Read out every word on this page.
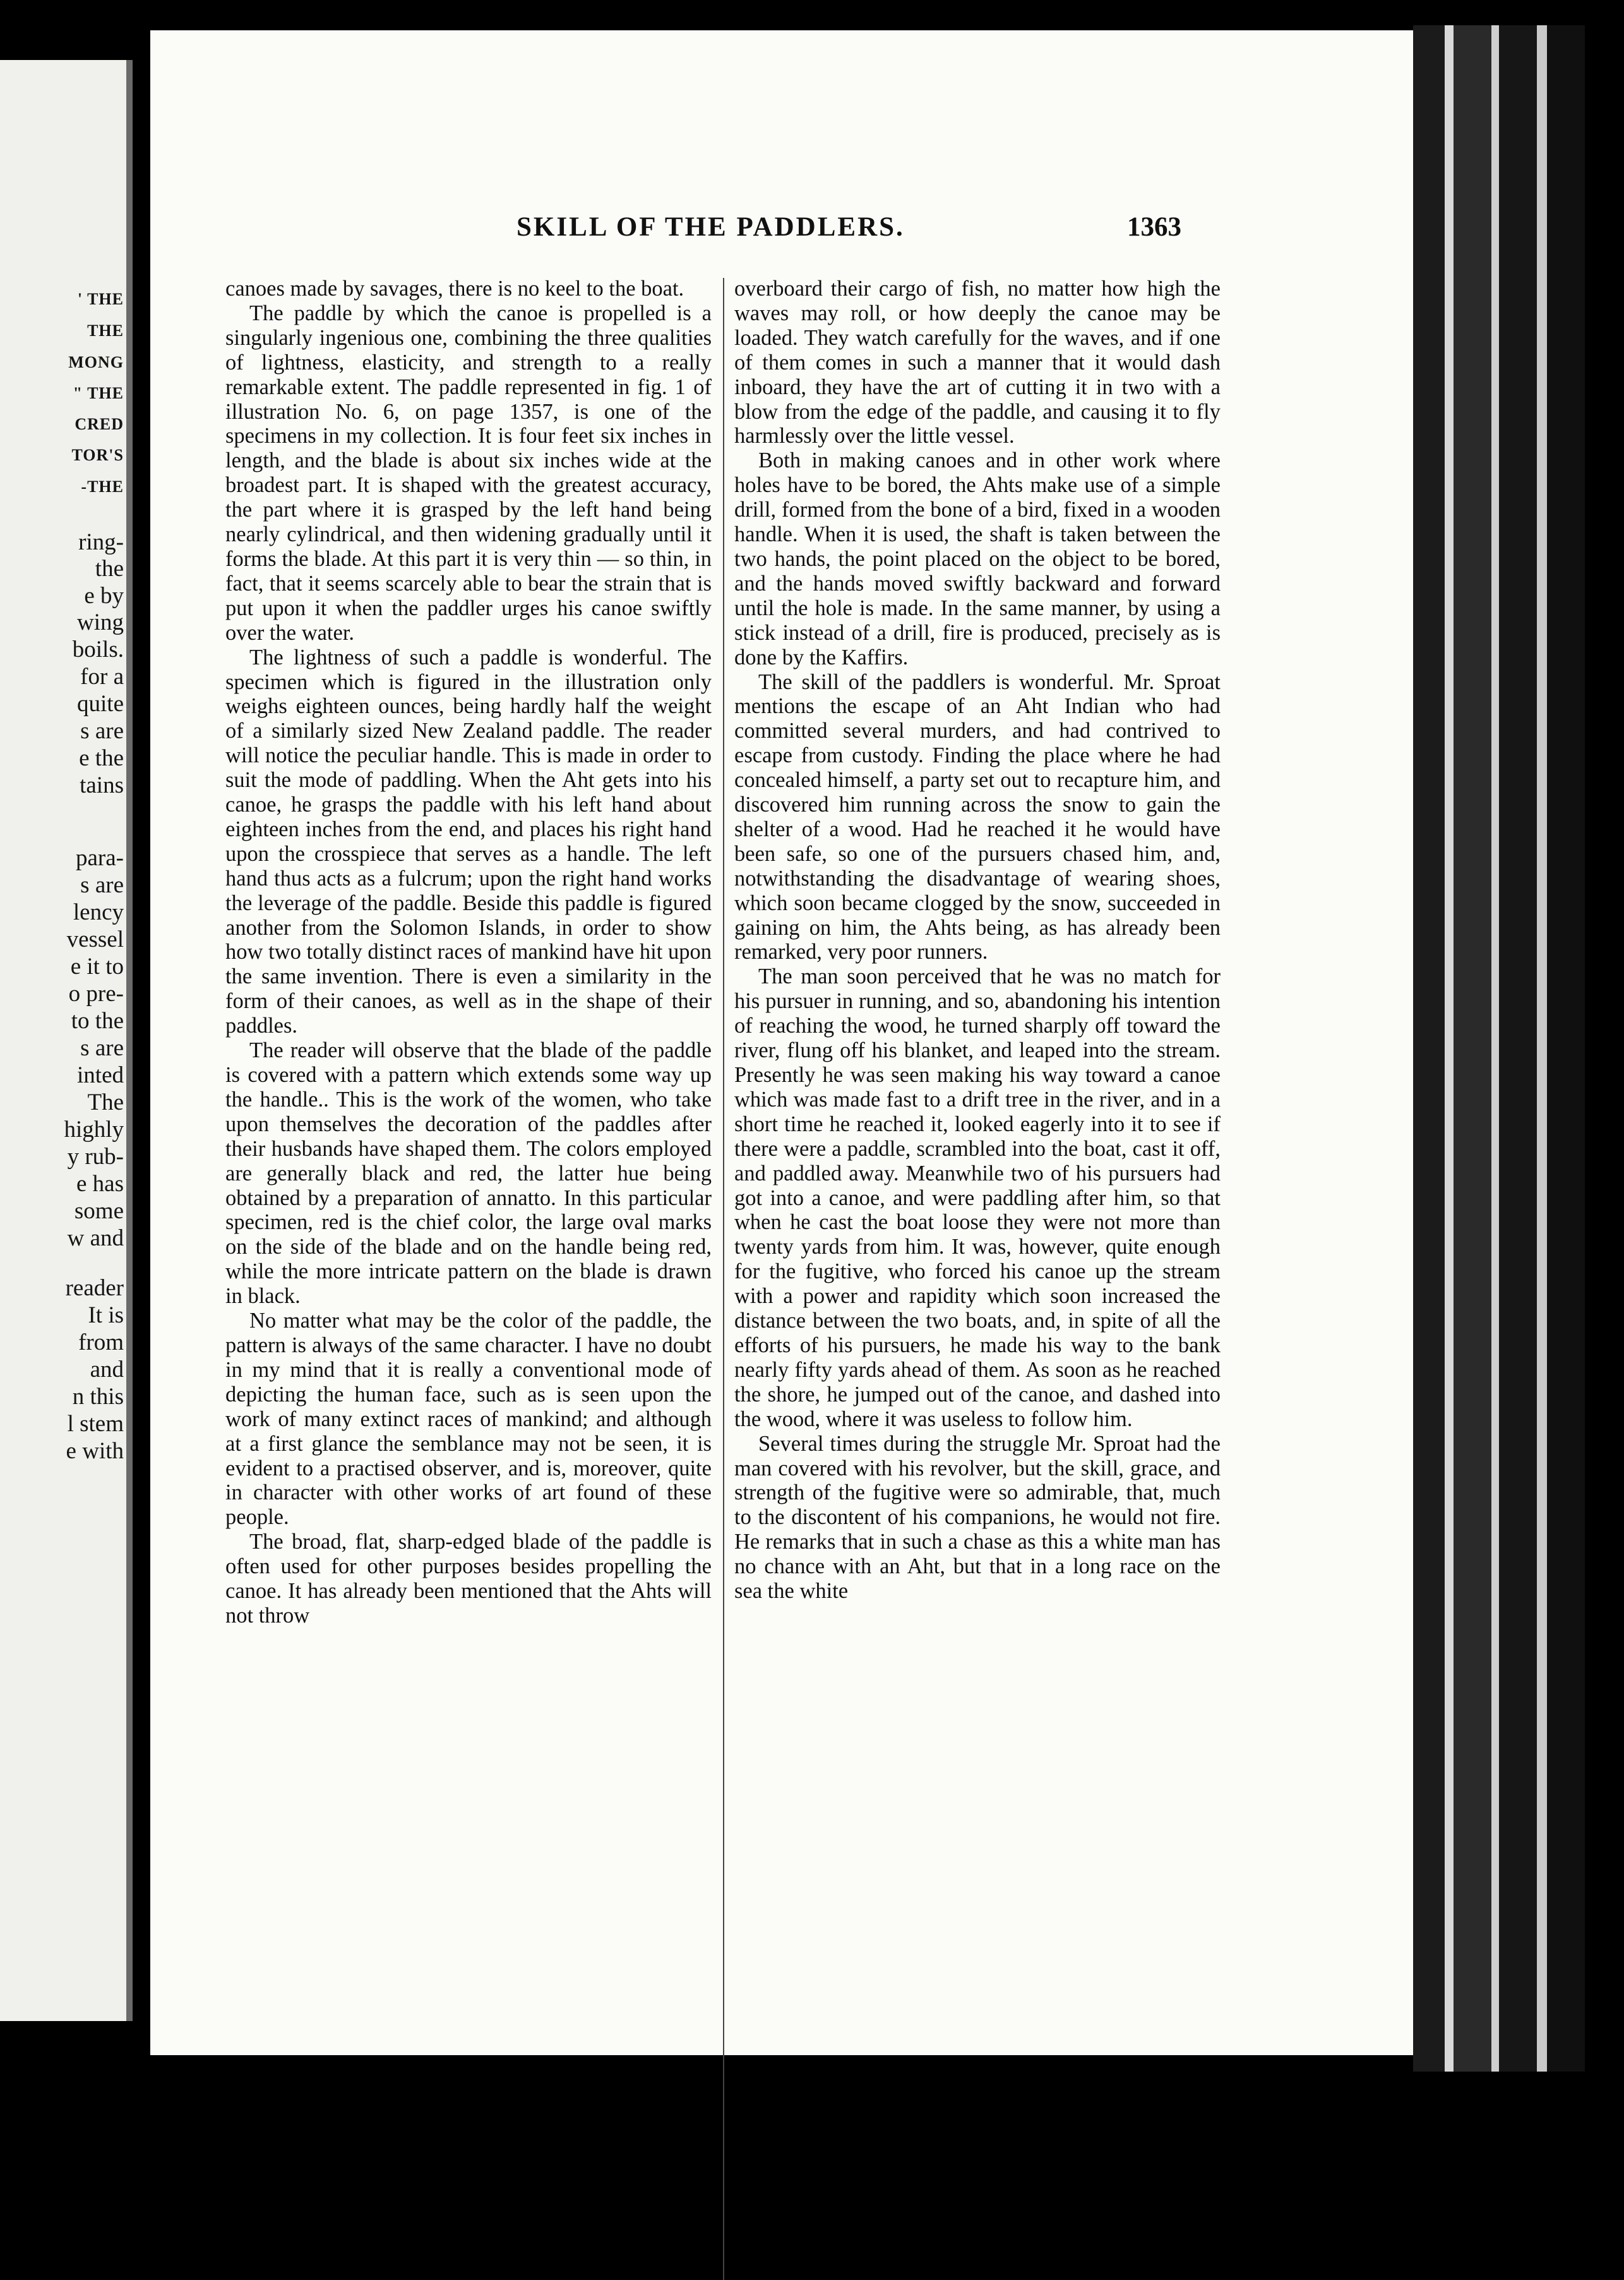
' THE
THE
MONG
" THE
CRED
TOR'S
-THE
ring-
the
e by
wing
boils.
for a
quite
s are
e the
tains
para-
s are
lency
vessel
e it to
o pre-
to the
s are
inted
The
highly
y rub-
e has
some
w and
reader
It is
from
and
n this
l stem
e with
SKILL OF THE PADDLERS.	1363

canoes made by savages, there is no keel to the boat.

The paddle by which the canoe is propelled is a singularly ingenious one, combining the three qualities of lightness, elasticity, and strength to a really remarkable extent. The paddle represented in fig. 1 of illustration No. 6, on page 1357, is one of the specimens in my collection. It is four feet six inches in length, and the blade is about six inches wide at the broadest part. It is shaped with the greatest accuracy, the part where it is grasped by the left hand being nearly cylindrical, and then widening gradually until it forms the blade. At this part it is very thin — so thin, in fact, that it seems scarcely able to bear the strain that is put upon it when the paddler urges his canoe swiftly over the water.

The lightness of such a paddle is wonderful. The specimen which is figured in the illustration only weighs eighteen ounces, being hardly half the weight of a similarly sized New Zealand paddle. The reader will notice the peculiar handle. This is made in order to suit the mode of paddling. When the Aht gets into his canoe, he grasps the paddle with his left hand about eighteen inches from the end, and places his right hand upon the crosspiece that serves as a handle. The left hand thus acts as a fulcrum; upon the right hand works the leverage of the paddle. Beside this paddle is figured another from the Solomon Islands, in order to show how two totally distinct races of mankind have hit upon the same invention. There is even a similarity in the form of their canoes, as well as in the shape of their paddles.

The reader will observe that the blade of the paddle is covered with a pattern which extends some way up the handle.. This is the work of the women, who take upon themselves the decoration of the paddles after their husbands have shaped them. The colors employed are generally black and red, the latter hue being obtained by a preparation of annatto. In this particular specimen, red is the chief color, the large oval marks on the side of the blade and on the handle being red, while the more intricate pattern on the blade is drawn in black.

No matter what may be the color of the paddle, the pattern is always of the same character. I have no doubt in my mind that it is really a conventional mode of depicting the human face, such as is seen upon the work of many extinct races of mankind; and although at a first glance the semblance may not be seen, it is evident to a practised observer, and is, moreover, quite in character with other works of art found of these people.

The broad, flat, sharp-edged blade of the paddle is often used for other purposes besides propelling the canoe. It has already been mentioned that the Ahts will not throw

overboard their cargo of fish, no matter how high the waves may roll, or how deeply the canoe may be loaded. They watch carefully for the waves, and if one of them comes in such a manner that it would dash inboard, they have the art of cutting it in two with a blow from the edge of the paddle, and causing it to fly harmlessly over the little vessel.

Both in making canoes and in other work where holes have to be bored, the Ahts make use of a simple drill, formed from the bone of a bird, fixed in a wooden handle. When it is used, the shaft is taken between the two hands, the point placed on the object to be bored, and the hands moved swiftly backward and forward until the hole is made. In the same manner, by using a stick instead of a drill, fire is produced, precisely as is done by the Kaffirs.

The skill of the paddlers is wonderful. Mr. Sproat mentions the escape of an Aht Indian who had committed several murders, and had contrived to escape from custody. Finding the place where he had concealed himself, a party set out to recapture him, and discovered him running across the snow to gain the shelter of a wood. Had he reached it he would have been safe, so one of the pursuers chased him, and, notwithstanding the disadvantage of wearing shoes, which soon became clogged by the snow, succeeded in gaining on him, the Ahts being, as has already been remarked, very poor runners.

The man soon perceived that he was no match for his pursuer in running, and so, abandoning his intention of reaching the wood, he turned sharply off toward the river, flung off his blanket, and leaped into the stream. Presently he was seen making his way toward a canoe which was made fast to a drift tree in the river, and in a short time he reached it, looked eagerly into it to see if there were a paddle, scrambled into the boat, cast it off, and paddled away. Meanwhile two of his pursuers had got into a canoe, and were paddling after him, so that when he cast the boat loose they were not more than twenty yards from him. It was, however, quite enough for the fugitive, who forced his canoe up the stream with a power and rapidity which soon increased the distance between the two boats, and, in spite of all the efforts of his pursuers, he made his way to the bank nearly fifty yards ahead of them. As soon as he reached the shore, he jumped out of the canoe, and dashed into the wood, where it was useless to follow him.

Several times during the struggle Mr. Sproat had the man covered with his revolver, but the skill, grace, and strength of the fugitive were so admirable, that, much to the discontent of his companions, he would not fire. He remarks that in such a chase as this a white man has no chance with an Aht, but that in a long race on the sea the white
